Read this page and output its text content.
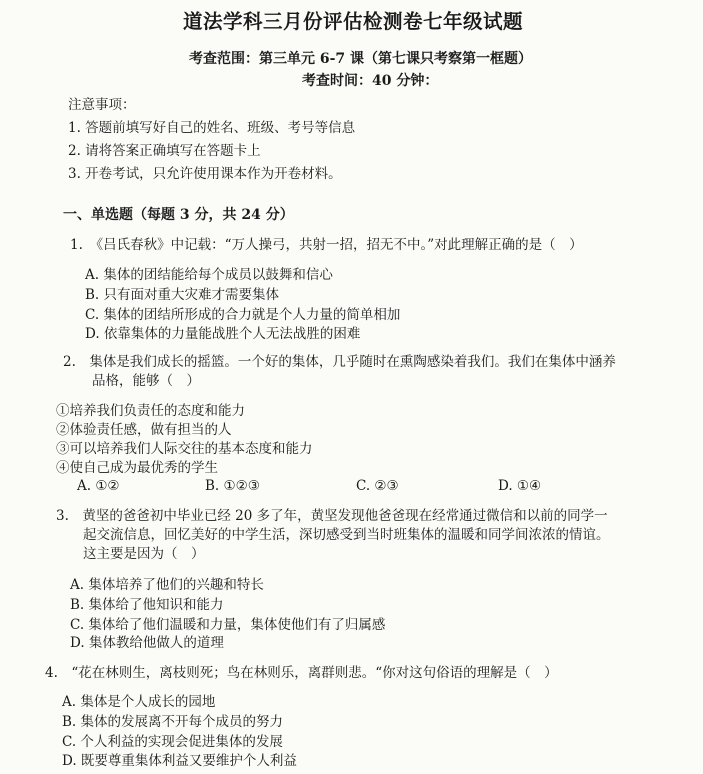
道法学科三月份评估检测卷七年级试题
考查范围：第三单元 6-7 课（第七课只考察第一框题）
考查时间：40 分钟：
注意事项：
1. 答题前填写好自己的姓名、班级、考号等信息
2. 请将答案正确填写在答题卡上
3. 开卷考试，只允许使用课本作为开卷材料。
一、单选题（每题 3 分，共 24 分）
1.　《吕氏春秋》中记载：“万人操弓，共射一招，招无不中。”对此理解正确的是（　）
A. 集体的团结能给每个成员以鼓舞和信心
B. 只有面对重大灾难才需要集体
C. 集体的团结所形成的合力就是个人力量的简单相加
D. 依靠集体的力量能战胜个人无法战胜的困难
2.　集体是我们成长的摇篮。一个好的集体，几乎随时在熏陶感染着我们。我们在集体中涵养
品格，能够（　）
①培养我们负责任的态度和能力
②体验责任感，做有担当的人
③可以培养我们人际交往的基本态度和能力
④使自己成为最优秀的学生
A. ①②	B. ①②③	C. ②③	D. ①④
3.　黄坚的爸爸初中毕业已经 20 多了年，黄坚发现他爸爸现在经常通过微信和以前的同学一
起交流信息，回忆美好的中学生活，深切感受到当时班集体的温暖和同学间浓浓的情谊。
这主要是因为（　）
A. 集体培养了他们的兴趣和特长
B. 集体给了他知识和能力
C. 集体给了他们温暖和力量，集体使他们有了归属感
D. 集体教给他做人的道理
4.　“花在林则生，离枝则死；鸟在林则乐，离群则悲。“你对这句俗语的理解是（　）
A. 集体是个人成长的园地
B. 集体的发展离不开每个成员的努力
C. 个人利益的实现会促进集体的发展
D. 既要尊重集体利益又要维护个人利益
